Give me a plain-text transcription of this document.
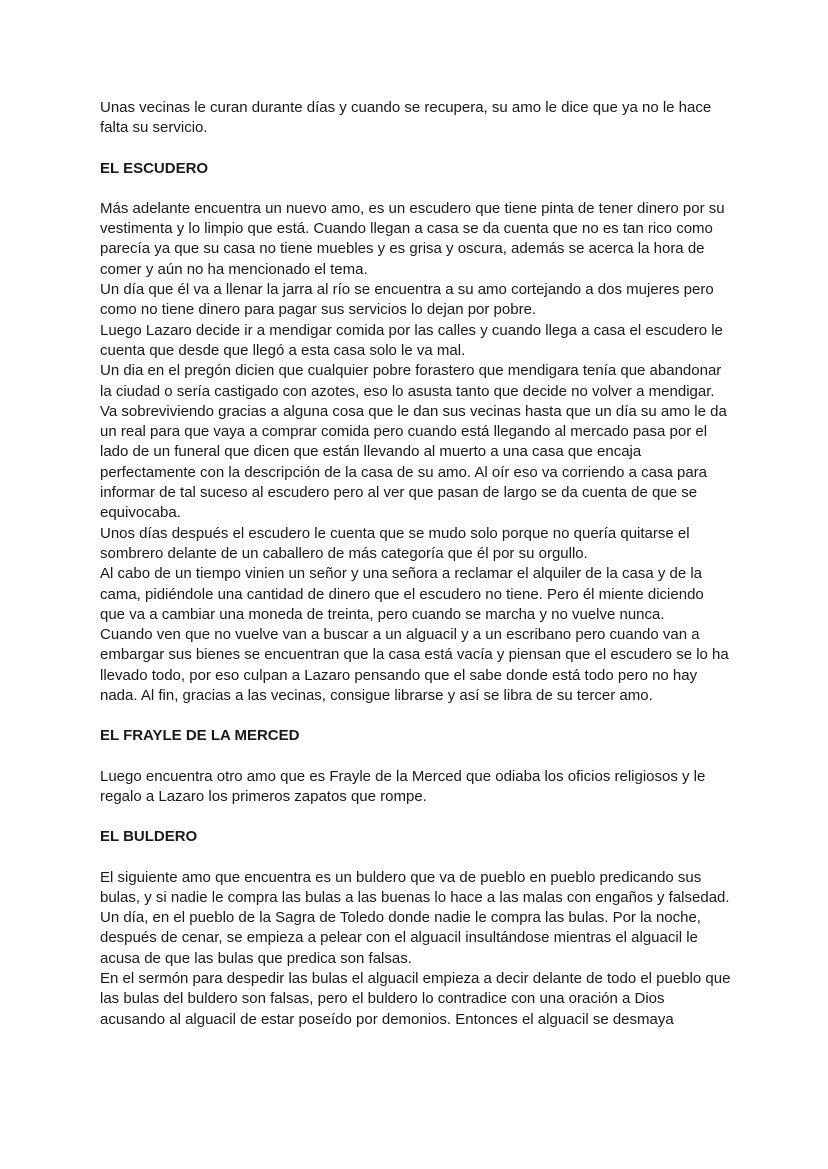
Unas vecinas le curan durante días y cuando se recupera, su amo le dice que ya no le hace falta su servicio.

EL ESCUDERO

Más adelante encuentra un nuevo amo, es un escudero que tiene pinta de tener dinero por su vestimenta y lo limpio que está. Cuando llegan a casa se da cuenta que no es tan rico como parecía ya que su casa no tiene muebles y es grisa y oscura, además se acerca la hora de comer y aún no ha mencionado el tema.

Un día que él va a llenar la jarra al río se encuentra a su amo cortejando a dos mujeres pero como no tiene dinero para pagar sus servicios lo dejan por pobre.

Luego Lazaro decide ir a mendigar comida por las calles y cuando llega a casa el escudero le cuenta que desde que llegó a esta casa solo le va mal.

Un dia en el pregón dicien que cualquier pobre forastero que mendigara tenía que abandonar la ciudad o sería castigado con azotes, eso lo asusta tanto que decide no volver a mendigar.

Va sobreviviendo gracias a alguna cosa que le dan sus vecinas hasta que un día su amo le da un real para que vaya a comprar comida pero cuando está llegando al mercado pasa por el lado de un funeral que dicen que están llevando al muerto a una casa que encaja perfectamente con la descripción de la casa de su amo. Al oír eso va corriendo a casa para informar de tal suceso al escudero pero al ver que pasan de largo se da cuenta de que se equivocaba.

Unos días después el escudero le cuenta que se mudo solo porque no quería quitarse el sombrero delante de un caballero de más categoría que él por su orgullo.

Al cabo de un tiempo vinien un señor y una señora a reclamar el alquiler de la casa y de la cama, pidiéndole una cantidad de dinero que el escudero no tiene. Pero él miente diciendo que va a cambiar una moneda de treinta, pero cuando se marcha y no vuelve nunca.

Cuando ven que no vuelve van a buscar a un alguacil y a un escribano pero cuando van a embargar sus bienes se encuentran que la casa está vacía y piensan que el escudero se lo ha llevado todo, por eso culpan a Lazaro pensando que el sabe donde está todo pero no hay nada. Al fin, gracias a las vecinas, consigue librarse y así se libra de su tercer amo.

EL FRAYLE DE LA MERCED

Luego encuentra otro amo que es Frayle de la Merced que odiaba los oficios religiosos y le regalo a Lazaro los primeros zapatos que rompe.

EL BULDERO

El siguiente amo que encuentra es un buldero que va de pueblo en pueblo predicando sus bulas, y si nadie le compra las bulas a las buenas lo hace a las malas con engaños y falsedad.

Un día, en el pueblo de la Sagra de Toledo donde nadie le compra las bulas. Por la noche, después de cenar, se empieza a pelear con el alguacil insultándose mientras el alguacil le acusa de que las bulas que predica son falsas.

En el sermón para despedir las bulas el alguacil empieza a decir delante de todo el pueblo que las bulas del buldero son falsas, pero el buldero lo contradice con una oración a Dios acusando al alguacil de estar poseído por demonios. Entonces el alguacil se desmaya
